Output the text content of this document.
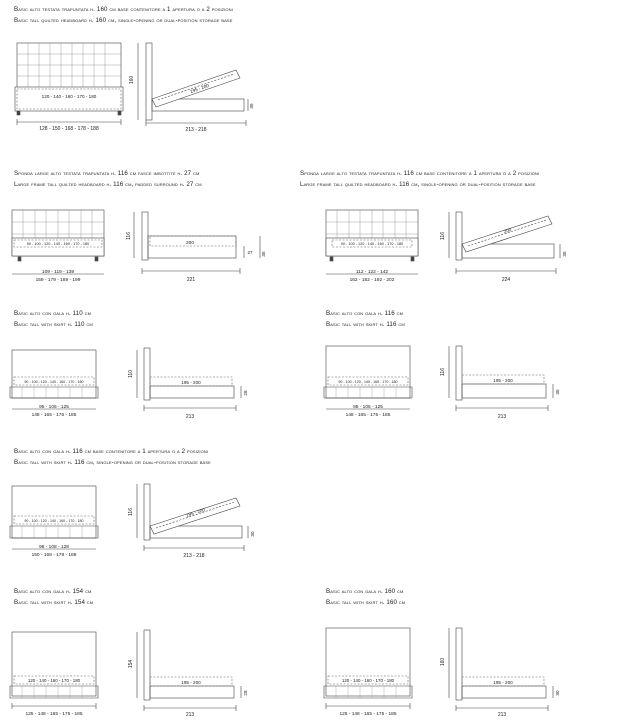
Basic alto testata trapuntata h. 160 cm base contenitore a 1 apertura o a 2 posizioni
Basic tall quilted headboard h. 160 cm, single-opening or dual-position storage base
Sponda large alto testata trapuntata h. 116 cm fasce imbottite h. 27 cm
Large frame tall quilted headboard h. 116 cm, padded surround h. 27 cm
Sponda large alto testata trapuntata h. 116 cm base contenitore a 1 apertura o a 2 posizioni
Large frame tall quilted headboard h. 116 cm, single-opening or dual-position storage base
Basic alto con gala h. 110 cm
Basic tall with skirt h. 110 cm
Basic alto con gala h. 116 cm
Basic tall with skirt h. 116 cm
Basic alto con gala h. 116 cm base contenitore a 1 apertura o a 2 posizioni
Basic tall with skirt h. 116 cm, single-opening or dual-position storage base
Basic alto con gala h. 154 cm
Basic tall with skirt h. 154 cm
Basic alto con gala h. 160 cm
Basic tall with skirt h. 160 cm
120 - 140 - 160 - 170 - 180
128 - 150 - 168 - 178 - 188
195 - 200
160
35
213 - 218
90 - 100 - 120 - 140 - 160 - 170 - 180
109 - 119 - 139
159 - 179 - 189 - 199
200
116
27 35
221
90 - 100 - 120 - 140 - 160 - 170 - 180
112 - 122 - 142
162 - 182 - 192 - 202
200
116
35
224
90 - 100 - 120 - 140 - 160 - 170 - 180
95 - 105 - 125
148 - 165 - 175 - 185
195 - 200
110
28
213
90 - 100 - 120 - 140 - 160 - 170 - 180
95 - 105 - 125
148 - 165 - 175 - 185
195 - 200
116
35
213
90 - 100 - 120 - 140 - 160 - 170 - 180
98 - 108 - 128
150 - 168 - 178 - 188
195 - 200
116
30
213 - 218
120 - 140 - 160 - 170 - 180
125 - 148 - 165 - 175 - 185
195 - 200
154
28
213
120 - 140 - 160 - 170 - 180
125 - 148 - 165 - 175 - 185
195 - 200
160
30
213
